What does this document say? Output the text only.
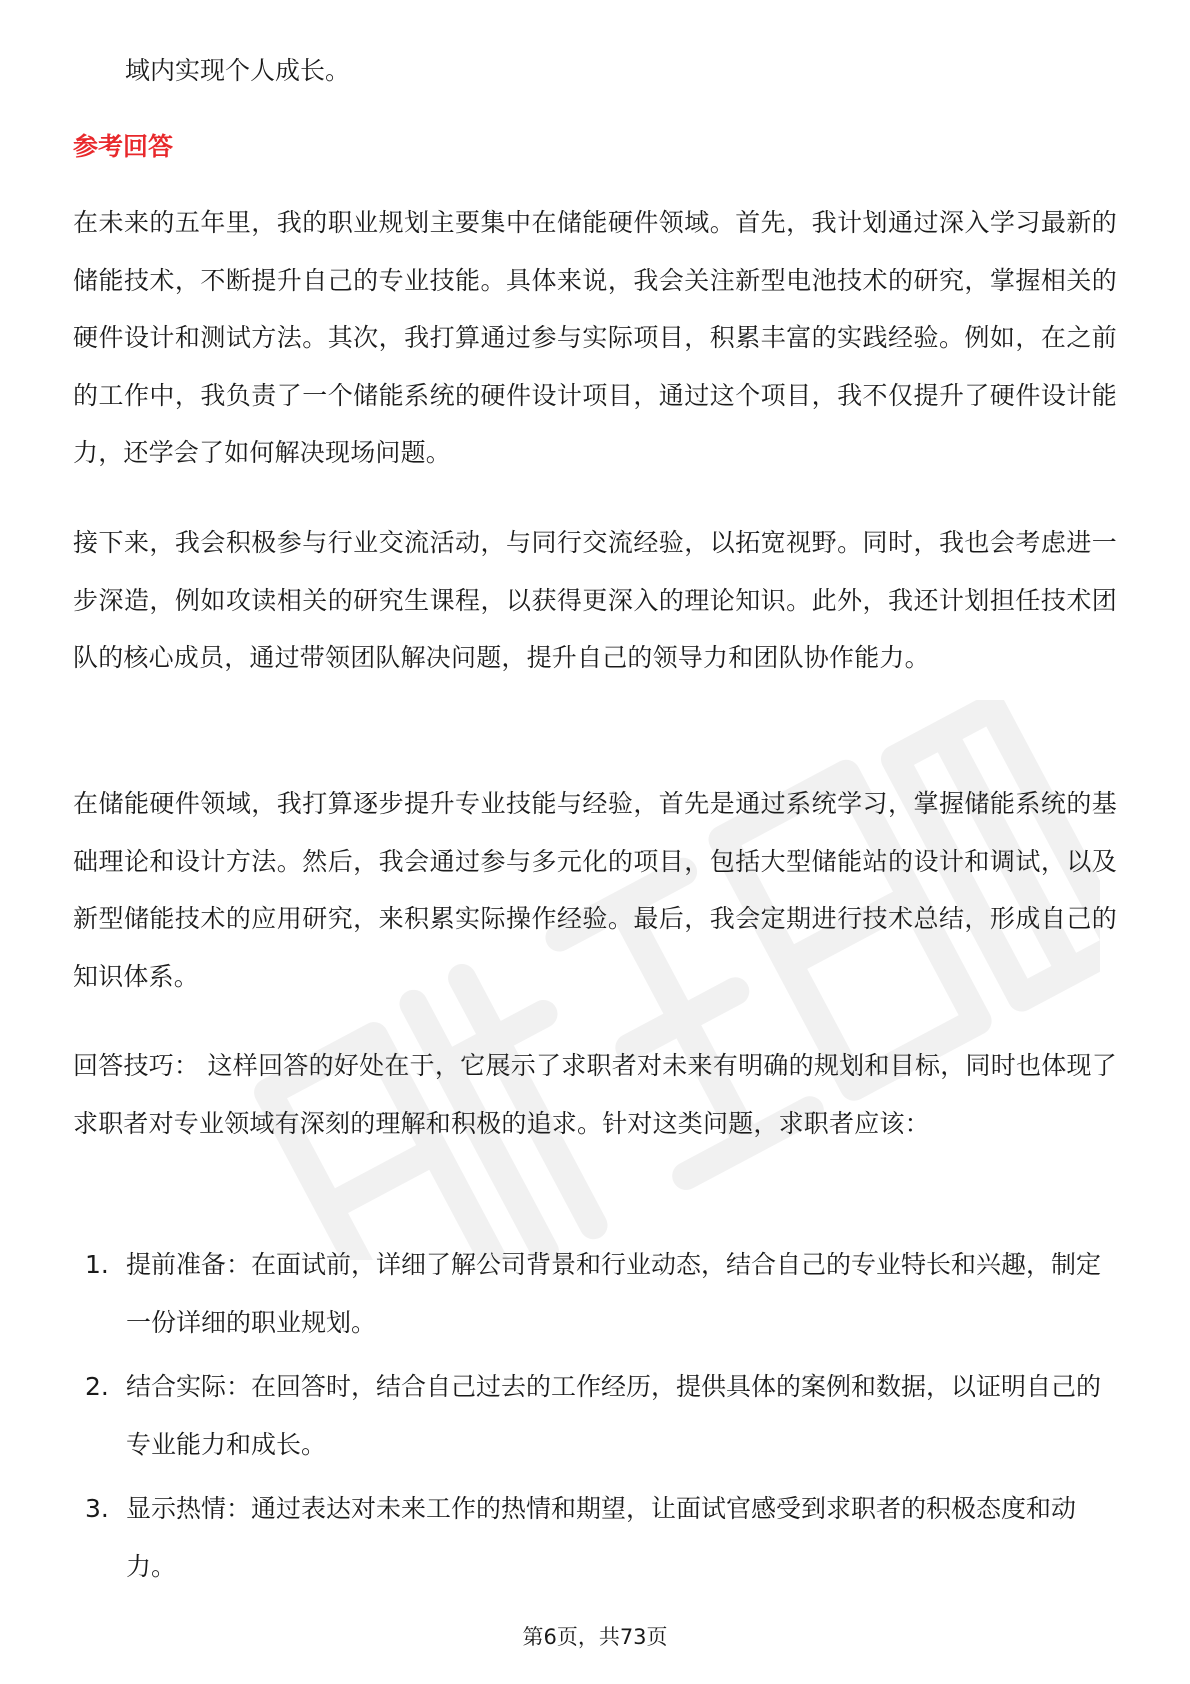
域内实现个人成长。
参考回答

在未来的五年里，我的职业规划主要集中在储能硬件领域。首先，我计划通过深入学习最新的储能技术，不断提升自己的专业技能。具体来说，我会关注新型电池技术的研究，掌握相关的硬件设计和测试方法。其次，我打算通过参与实际项目，积累丰富的实践经验。例如，在之前的工作中，我负责了一个储能系统的硬件设计项目，通过这个项目，我不仅提升了硬件设计能力，还学会了如何解决现场问题。

接下来，我会积极参与行业交流活动，与同行交流经验，以拓宽视野。同时，我也会考虑进一步深造，例如攻读相关的研究生课程，以获得更深入的理论知识。此外，我还计划担任技术团队的核心成员，通过带领团队解决问题，提升自己的领导力和团队协作能力。

在储能硬件领域，我打算逐步提升专业技能与经验，首先是通过系统学习，掌握储能系统的基础理论和设计方法。然后，我会通过参与多元化的项目，包括大型储能站的设计和调试，以及新型储能技术的应用研究，来积累实际操作经验。最后，我会定期进行技术总结，形成自己的知识体系。

回答技巧： 这样回答的好处在于，它展示了求职者对未来有明确的规划和目标，同时也体现了求职者对专业领域有深刻的理解和积极的追求。针对这类问题，求职者应该：

1. 提前准备：在面试前，详细了解公司背景和行业动态，结合自己的专业特长和兴趣，制定一份详细的职业规划。
2. 结合实际：在回答时，结合自己过去的工作经历，提供具体的案例和数据，以证明自己的专业能力和成长。
3. 显示热情：通过表达对未来工作的热情和期望，让面试官感受到求职者的积极态度和动力。
第6页，共73页
